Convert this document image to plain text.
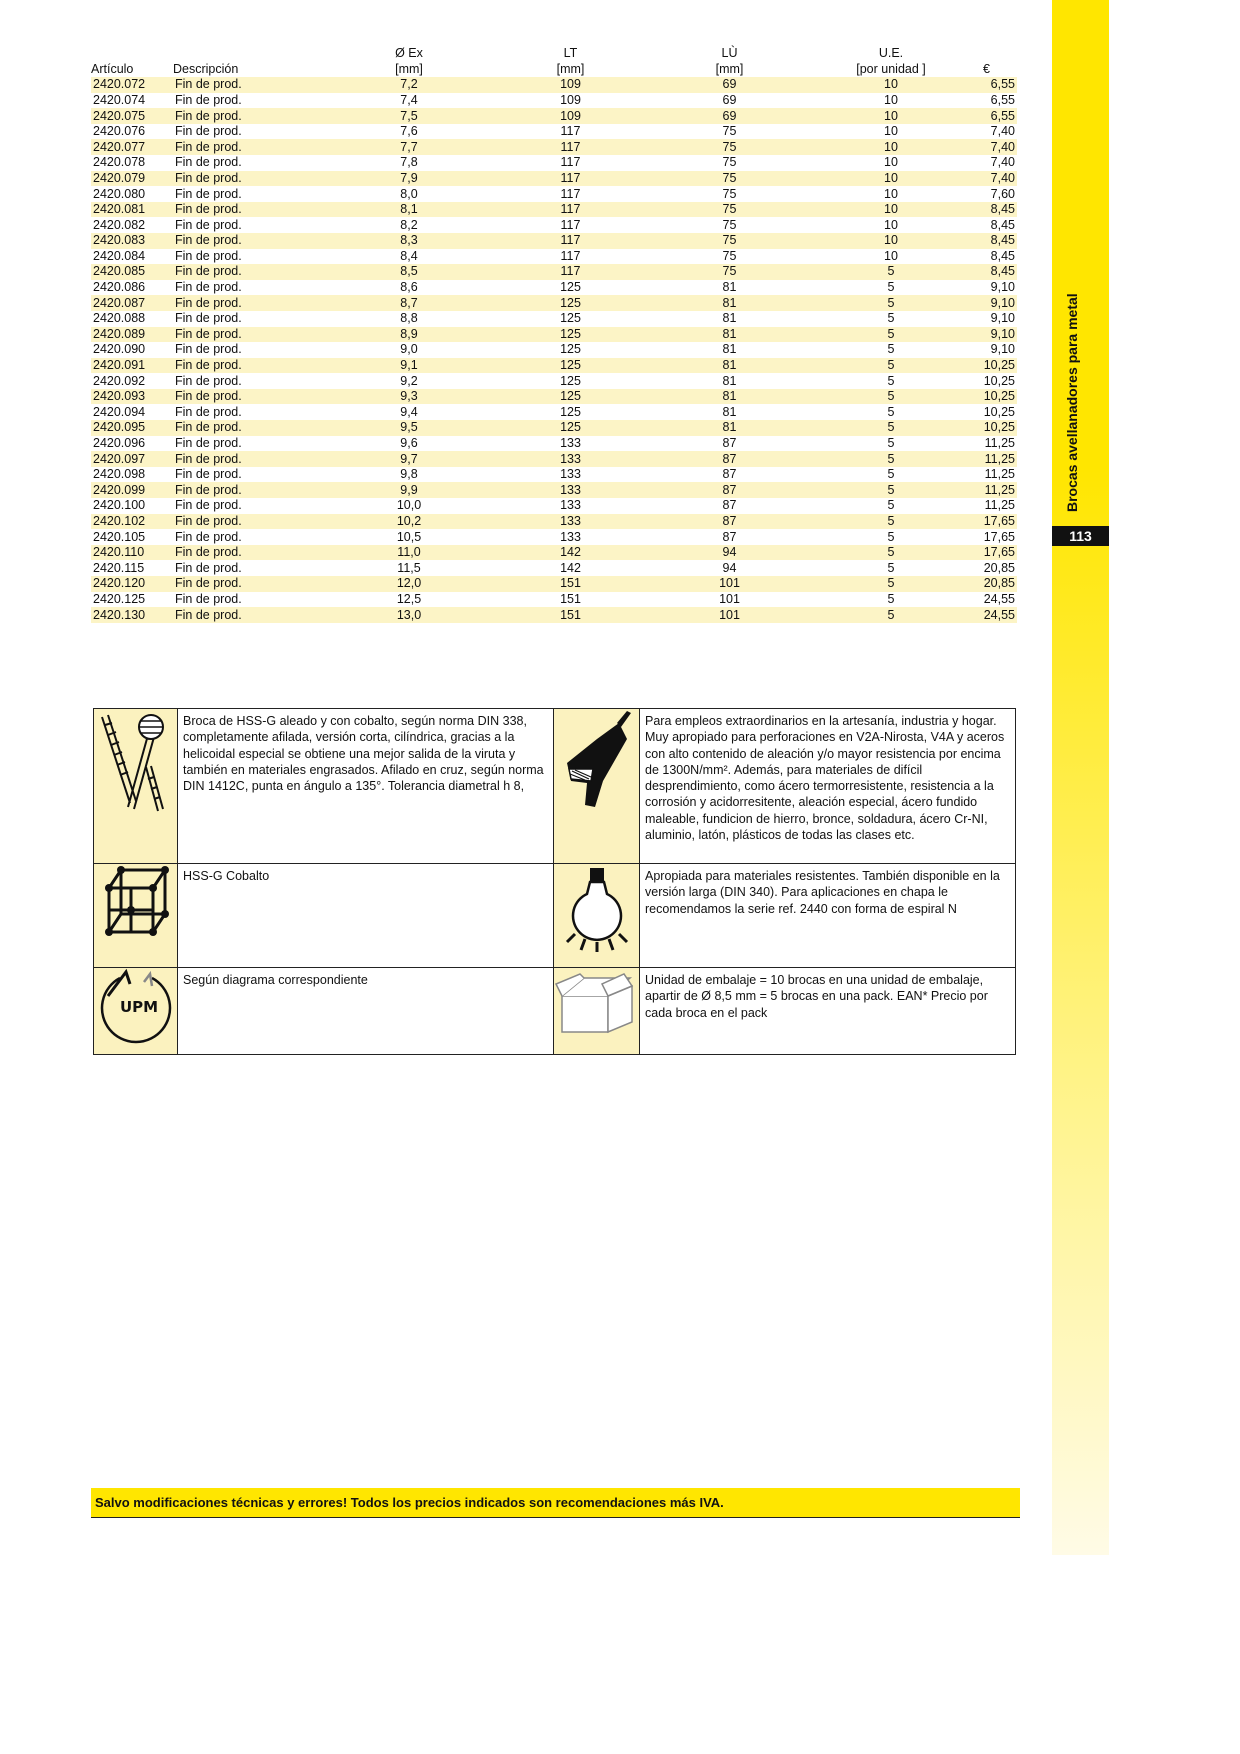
Brocas avellanadores para metal
113
		Ø Ex	LT	LÙ	U.E.	
Artículo	Descripción	[mm]	[mm]	[mm]	[por unidad ]	€
2420.072	Fin de prod.	7,2	109	69	10	6,55
2420.074	Fin de prod.	7,4	109	69	10	6,55
2420.075	Fin de prod.	7,5	109	69	10	6,55
2420.076	Fin de prod.	7,6	117	75	10	7,40
2420.077	Fin de prod.	7,7	117	75	10	7,40
2420.078	Fin de prod.	7,8	117	75	10	7,40
2420.079	Fin de prod.	7,9	117	75	10	7,40
2420.080	Fin de prod.	8,0	117	75	10	7,60
2420.081	Fin de prod.	8,1	117	75	10	8,45
2420.082	Fin de prod.	8,2	117	75	10	8,45
2420.083	Fin de prod.	8,3	117	75	10	8,45
2420.084	Fin de prod.	8,4	117	75	10	8,45
2420.085	Fin de prod.	8,5	117	75	5	8,45
2420.086	Fin de prod.	8,6	125	81	5	9,10
2420.087	Fin de prod.	8,7	125	81	5	9,10
2420.088	Fin de prod.	8,8	125	81	5	9,10
2420.089	Fin de prod.	8,9	125	81	5	9,10
2420.090	Fin de prod.	9,0	125	81	5	9,10
2420.091	Fin de prod.	9,1	125	81	5	10,25
2420.092	Fin de prod.	9,2	125	81	5	10,25
2420.093	Fin de prod.	9,3	125	81	5	10,25
2420.094	Fin de prod.	9,4	125	81	5	10,25
2420.095	Fin de prod.	9,5	125	81	5	10,25
2420.096	Fin de prod.	9,6	133	87	5	11,25
2420.097	Fin de prod.	9,7	133	87	5	11,25
2420.098	Fin de prod.	9,8	133	87	5	11,25
2420.099	Fin de prod.	9,9	133	87	5	11,25
2420.100	Fin de prod.	10,0	133	87	5	11,25
2420.102	Fin de prod.	10,2	133	87	5	17,65
2420.105	Fin de prod.	10,5	133	87	5	17,65
2420.110	Fin de prod.	11,0	142	94	5	17,65
2420.115	Fin de prod.	11,5	142	94	5	20,85
2420.120	Fin de prod.	12,0	151	101	5	20,85
2420.125	Fin de prod.	12,5	151	101	5	24,55
2420.130	Fin de prod.	13,0	151	101	5	24,55
Broca de HSS-G aleado y con cobalto, según norma DIN 338, completamente afilada, versión corta, cilíndrica, gracias a la helicoidal especial se obtiene una mejor salida de la viruta y también en materiales engrasados. Afilado en cruz, según norma DIN 1412C, punta en ángulo a 135°. Tolerancia diametral h 8,
Para empleos extraordinarios en la artesanía, industria y hogar. Muy apropiado para perforaciones en V2A-Nirosta, V4A y aceros con alto contenido de aleación y/o mayor resistencia por encima de 1300N/mm². Además, para materiales de difícil desprendimiento, como ácero termorresistente, resistencia a la corrosión y acidorresitente, aleación especial, ácero fundido maleable, fundicion de hierro, bronce, soldadura, ácero Cr-NI, aluminio, latón, plásticos de todas las clases etc.
HSS-G Cobalto	Apropiada para materiales resistentes. También disponible en la versión larga (DIN 340). Para aplicaciones en chapa le recomendamos la serie ref. 2440 con forma de espiral N
UPM
Según diagrama correspondiente	Unidad de embalaje = 10 brocas en una unidad de embalaje, apartir de Ø 8,5 mm = 5 brocas en una pack. EAN* Precio por cada broca en el pack
Salvo modificaciones técnicas y errores! Todos los precios indicados son recomendaciones más IVA.
